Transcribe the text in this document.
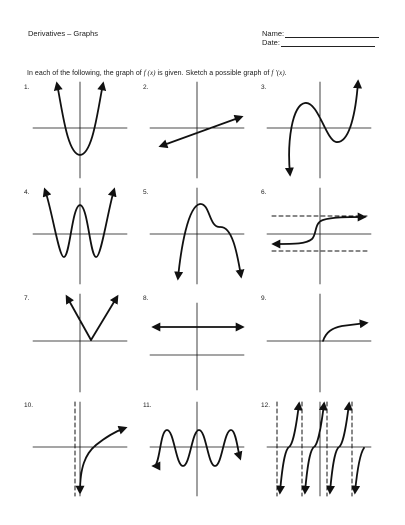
Derivatives – Graphs	Name:
Date:
In each of the following, the graph of f (x) is given. Sketch a possible graph of f ′(x).
1.	2.	3.
4.	5.	6.
7.	8.	9.
10.	11.	12.
